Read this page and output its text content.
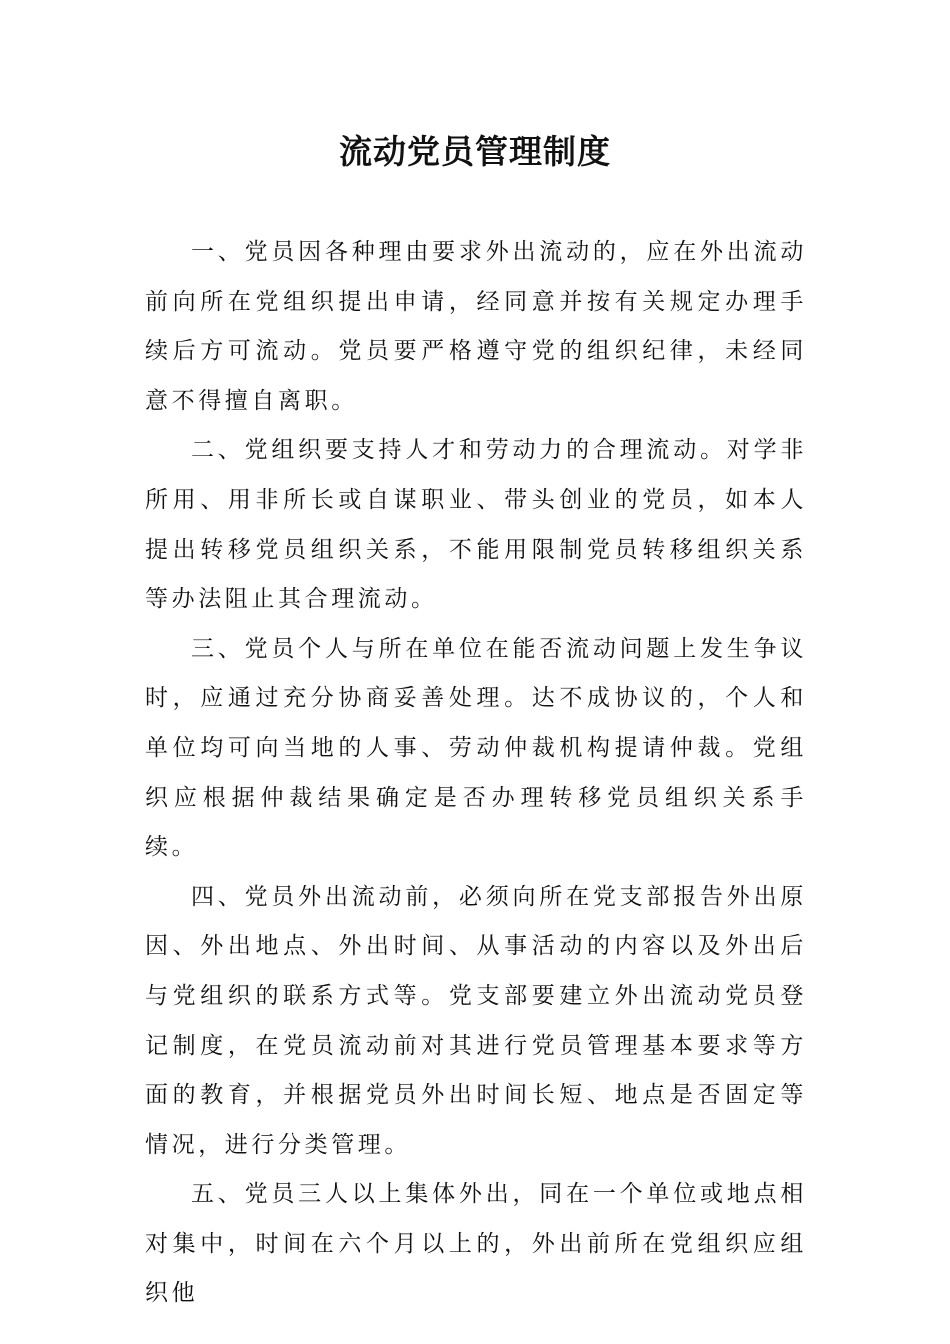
流动党员管理制度

一、党员因各种理由要求外出流动的，应在外出流动前向所在党组织提出申请，经同意并按有关规定办理手续后方可流动。党员要严格遵守党的组织纪律，未经同意不得擅自离职。

二、党组织要支持人才和劳动力的合理流动。对学非所用、用非所长或自谋职业、带头创业的党员，如本人提出转移党员组织关系，不能用限制党员转移组织关系等办法阻止其合理流动。

三、党员个人与所在单位在能否流动问题上发生争议时，应通过充分协商妥善处理。达不成协议的，个人和单位均可向当地的人事、劳动仲裁机构提请仲裁。党组织应根据仲裁结果确定是否办理转移党员组织关系手续。

四、党员外出流动前，必须向所在党支部报告外出原因、外出地点、外出时间、从事活动的内容以及外出后与党组织的联系方式等。党支部要建立外出流动党员登记制度，在党员流动前对其进行党员管理基本要求等方面的教育，并根据党员外出时间长短、地点是否固定等情况，进行分类管理。

五、党员三人以上集体外出，同在一个单位或地点相对集中，时间在六个月以上的，外出前所在党组织应组织他
